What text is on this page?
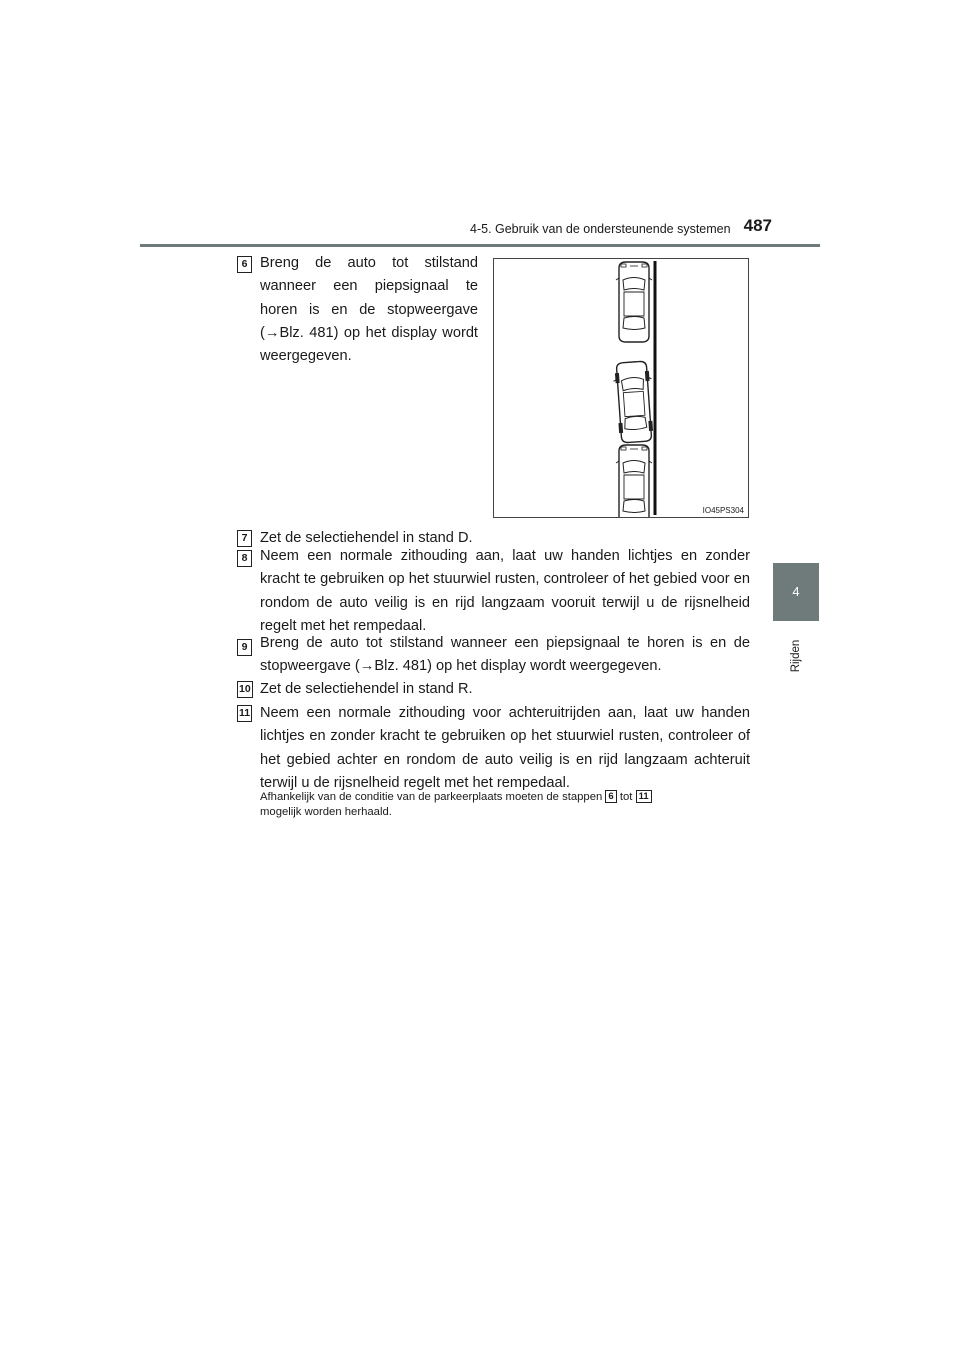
4-5. Gebruik van de ondersteunende systemen 487
4
Rijden
6 Breng de auto tot stilstand wanneer een piepsignaal te horen is en de stopweergave (→Blz. 481) op het display wordt weergegeven.
IO45PS304
7 Zet de selectiehendel in stand D.
8 Neem een normale zithouding aan, laat uw handen lichtjes en zonder kracht te gebruiken op het stuurwiel rusten, controleer of het gebied voor en rondom de auto veilig is en rijd langzaam vooruit terwijl u de rijsnelheid regelt met het rempedaal.
9 Breng de auto tot stilstand wanneer een piepsignaal te horen is en de stopweergave (→Blz. 481) op het display wordt weergegeven.
10 Zet de selectiehendel in stand R.
11 Neem een normale zithouding voor achteruitrijden aan, laat uw handen lichtjes en zonder kracht te gebruiken op het stuurwiel rusten, controleer of het gebied achter en rondom de auto veilig is en rijd langzaam achteruit terwijl u de rijsnelheid regelt met het rempedaal.
Afhankelijk van de conditie van de parkeerplaats moeten de stappen 6 tot 11
mogelijk worden herhaald.
